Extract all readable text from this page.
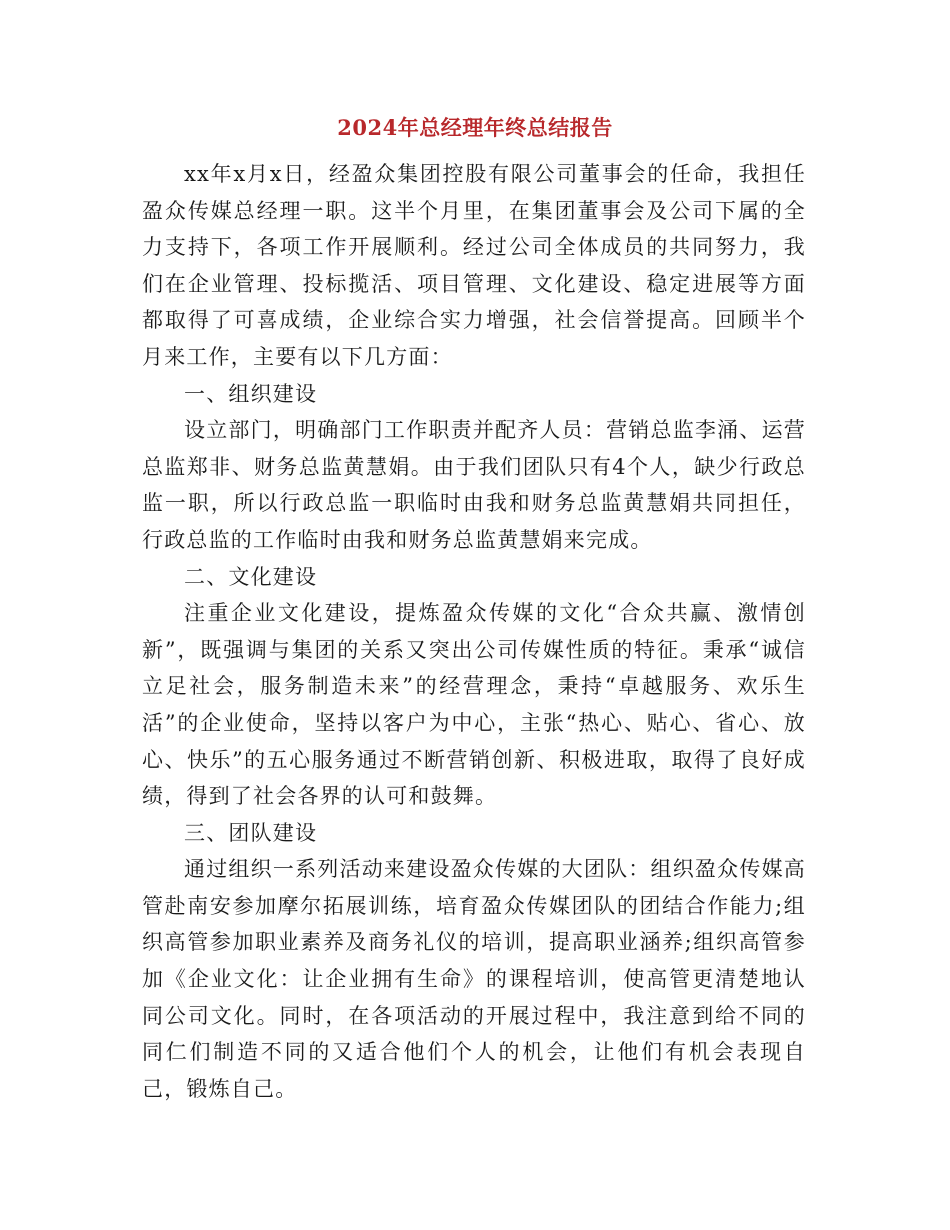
2024年总经理年终总结报告

xx年x月x日，经盈众集团控股有限公司董事会的任命，我担任盈众传媒总经理一职。这半个月里，在集团董事会及公司下属的全力支持下，各项工作开展顺利。经过公司全体成员的共同努力，我们在企业管理、投标揽活、项目管理、文化建设、稳定进展等方面都取得了可喜成绩，企业综合实力增强，社会信誉提高。回顾半个月来工作，主要有以下几方面：

一、组织建设

设立部门，明确部门工作职责并配齐人员：营销总监李涌、运营总监郑非、财务总监黄慧娟。由于我们团队只有4个人，缺少行政总监一职，所以行政总监一职临时由我和财务总监黄慧娟共同担任，行政总监的工作临时由我和财务总监黄慧娟来完成。

二、文化建设

注重企业文化建设，提炼盈众传媒的文化“合众共赢、激情创新”，既强调与集团的关系又突出公司传媒性质的特征。秉承“诚信立足社会，服务制造未来”的经营理念，秉持“卓越服务、欢乐生活”的企业使命，坚持以客户为中心，主张“热心、贴心、省心、放心、快乐”的五心服务通过不断营销创新、积极进取，取得了良好成绩，得到了社会各界的认可和鼓舞。

三、团队建设

通过组织一系列活动来建设盈众传媒的大团队：组织盈众传媒高管赴南安参加摩尔拓展训练，培育盈众传媒团队的团结合作能力;组织高管参加职业素养及商务礼仪的培训，提高职业涵养;组织高管参加《企业文化：让企业拥有生命》的课程培训，使高管更清楚地认同公司文化。同时，在各项活动的开展过程中，我注意到给不同的同仁们制造不同的又适合他们个人的机会，让他们有机会表现自己，锻炼自己。
